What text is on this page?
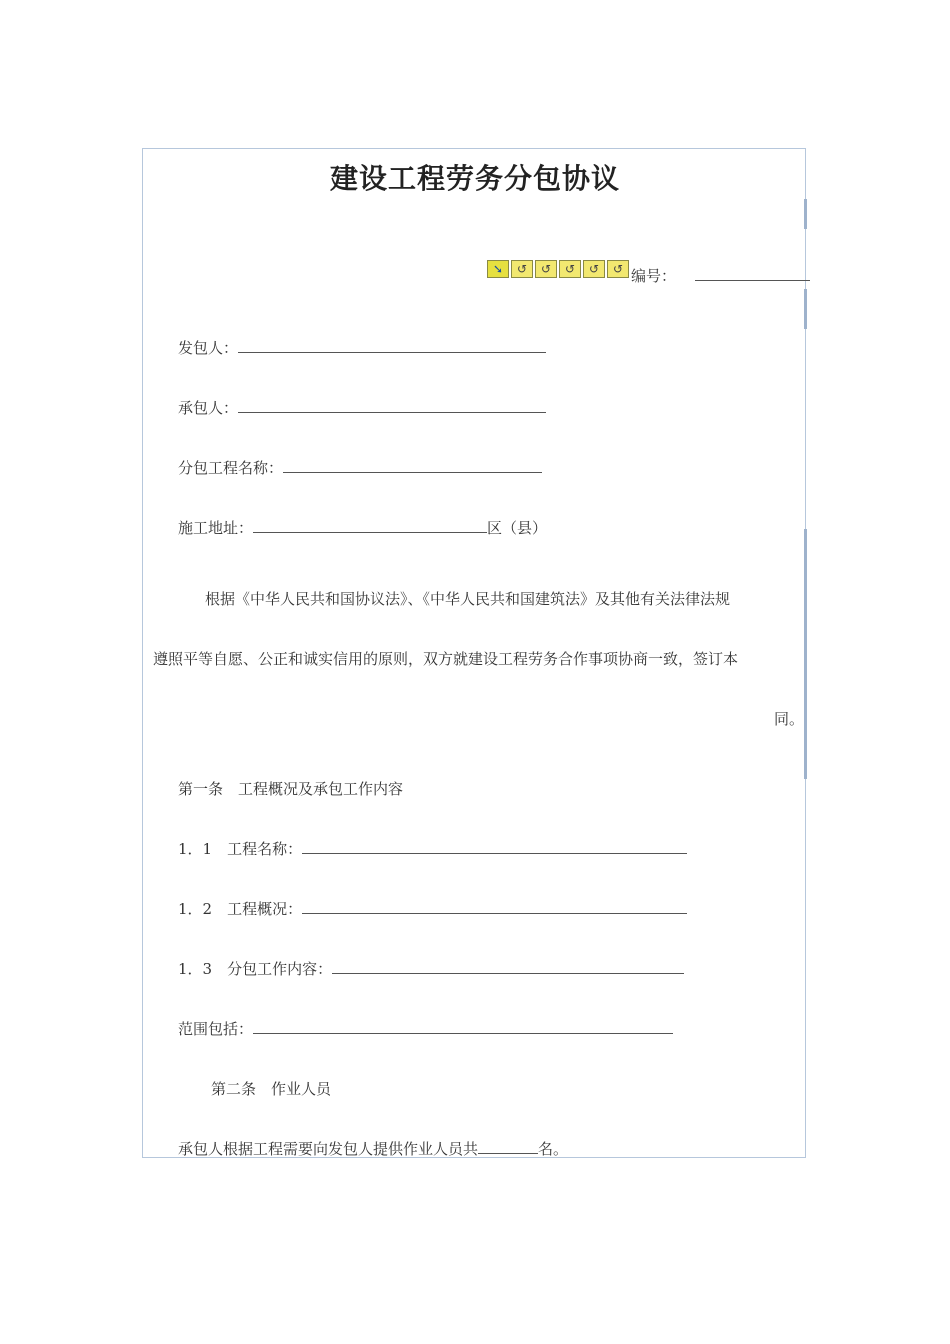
建设工程劳务分包协议
➘	↺	↺	↺	↺	↺ 编号：
发包人：
承包人：
分包工程名称：
施工地址：	区（县）
根据《中华人民共和国协议法》、《中华人民共和国建筑法》及其他有关法律法规
遵照平等自愿、公正和诚实信用的原则，双方就建设工程劳务合作事项协商一致，签订本
同。
第一条　工程概况及承包工作内容
1．1　工程名称：
1．2　工程概况：
1．3　分包工作内容：
范围包括：
第二条　作业人员
承包人根据工程需要向发包人提供作业人员共	名。
